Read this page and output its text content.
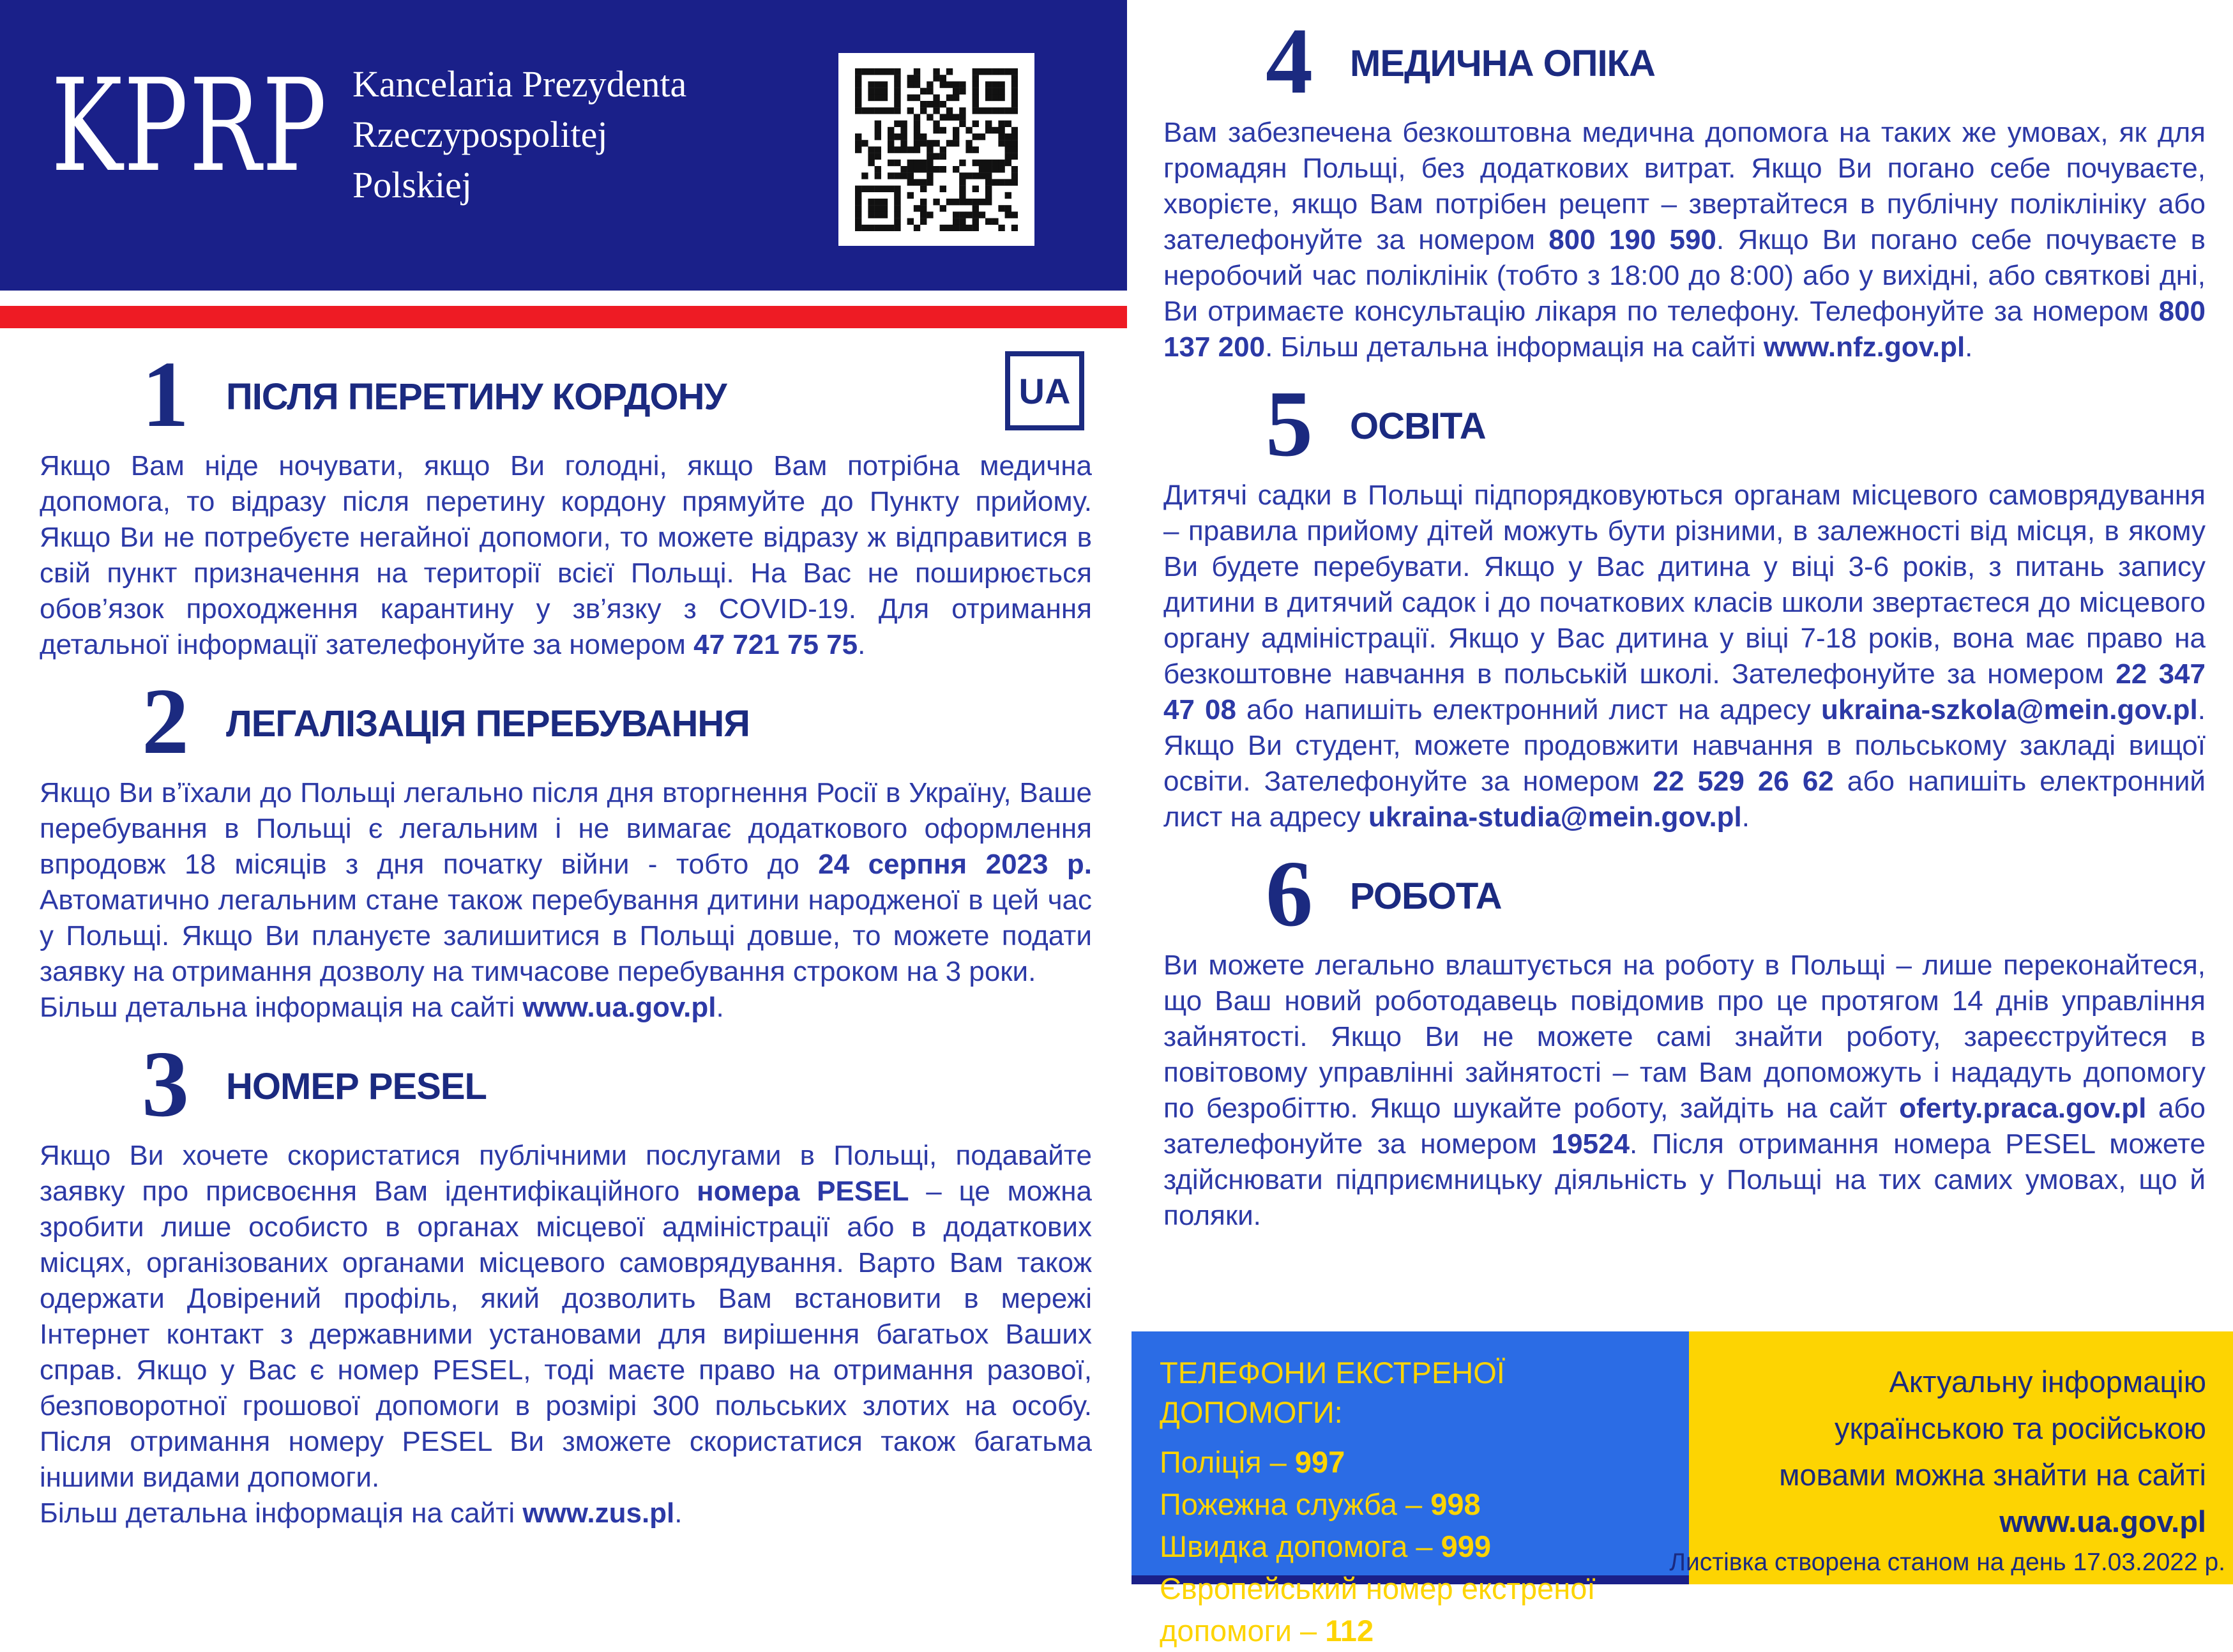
KPRP Kancelaria Prezydenta
Rzeczypospolitej
Polskiej
1 ПІСЛЯ ПЕРЕТИНУ КОРДОНУ	UA

Якщо Вам ніде ночувати, якщо Ви голодні, якщо Вам потрібна медична допомога, то відразу після перетину кордону прямуйте до Пункту прийому. Якщо Ви не потребуєте негайної допомоги, то можете відразу ж відправитися в свій пункт призначення на території всієї Польщі. На Вас не поширюється обов’язок проходження карантину у зв’язку з COVID-19. Для отримання детальної інформації зателефонуйте за номером 47 721 75 75.

2 ЛЕГАЛІЗАЦІЯ ПЕРЕБУВАННЯ

Якщо Ви в’їхали до Польщі легально після дня вторгнення Росії в Україну, Ваше перебування в Польщі є легальним і не вимагає додаткового оформлення впродовж 18 місяців з дня початку війни - тобто до 24 серпня 2023 р. Автоматично легальним стане також перебування дитини народженої в цей час у Польщі. Якщо Ви плануєте залишитися в Польщі довше, то можете подати заявку на отримання дозволу на тимчасове перебування строком на 3 роки.

Більш детальна інформація на сайті www.ua.gov.pl.

3 НОМЕР PESEL

Якщо Ви хочете скористатися публічними послугами в Польщі, подавайте заявку про присвоєння Вам ідентифікаційного номера PESEL – це можна зробити лише особисто в органах місцевої адміністрації або в додаткових місцях, організованих органами місцевого самоврядування. Варто Вам також одержати Довірений профіль, який дозволить Вам встановити в мережі Інтернет контакт з державними установами для вирішення багатьох Ваших справ. Якщо у Вас є номер PESEL, тоді маєте право на отримання разової, безповоротної грошової допомоги в розмірі 300 польських злотих на особу. Після отримання номеру PESEL Ви зможете скористатися також багатьма іншими видами допомоги.

Більш детальна інформація на сайті www.zus.pl.

4 МЕДИЧНА ОПІКА

Вам забезпечена безкоштовна медична допомога на таких же умовах, як для громадян Польщі, без додаткових витрат. Якщо Ви погано себе почуваєте, хворієте, якщо Вам потрібен рецепт – звертайтеся в публічну поліклініку або зателефонуйте за номером 800 190 590. Якщо Ви погано себе почуваєте в неробочий час поліклінік (тобто з 18:00 до 8:00) або у вихідні, або святкові дні, Ви отримаєте консультацію лікаря по телефону. Телефонуйте за номером 800 137 200. Більш детальна інформація на сайті www.nfz.gov.pl.

5 ОСВІТА

Дитячі садки в Польщі підпорядковуються органам місцевого самоврядування – правила прийому дітей можуть бути різними, в залежності від місця, в якому Ви будете перебувати. Якщо у Вас дитина у віці 3-6 років, з питань запису дитини в дитячий садок і до початкових класів школи звертаєтеся до місцевого органу адміністрації. Якщо у Вас дитина у віці 7-18 років, вона має право на безкоштовне навчання в польській школі. Зателефонуйте за номером 22 347 47 08 або напишіть електронний лист на адресу ukraina-szkola@mein.gov.pl. Якщо Ви студент, можете продовжити навчання в польському закладі вищої освіти. Зателефонуйте за номером 22 529 26 62 або напишіть електронний лист на адресу ukraina-studia@mein.gov.pl.

6 РОБОТА

Ви можете легально влаштується на роботу в Польщі – лише переконайтеся, що Ваш новий роботодавець повідомив про це протягом 14 днів управління зайнятості. Якщо Ви не можете самі знайти роботу, зареєструйтеся в повітовому управлінні зайнятості – там Вам допоможуть і нададуть допомогу по безробіттю. Якщо шукайте роботу, зайдіть на сайт oferty.praca.gov.pl або зателефонуйте за номером 19524. Після отримання номера PESEL можете здійснювати підприємницьку діяльність у Польщі на тих самих умовах, що й поляки.

ТЕЛЕФОНИ ЕКСТРЕНОЇ ДОПОМОГИ:
Поліція – 997
Пожежна служба – 998
Швидка допомога – 999
Європейський номер екстреної допомоги – 112
Актуальну інформацію
українською та російською
мовами можна знайти на сайті
www.ua.gov.pl
Листівка створена станом на день 17.03.2022 р.
